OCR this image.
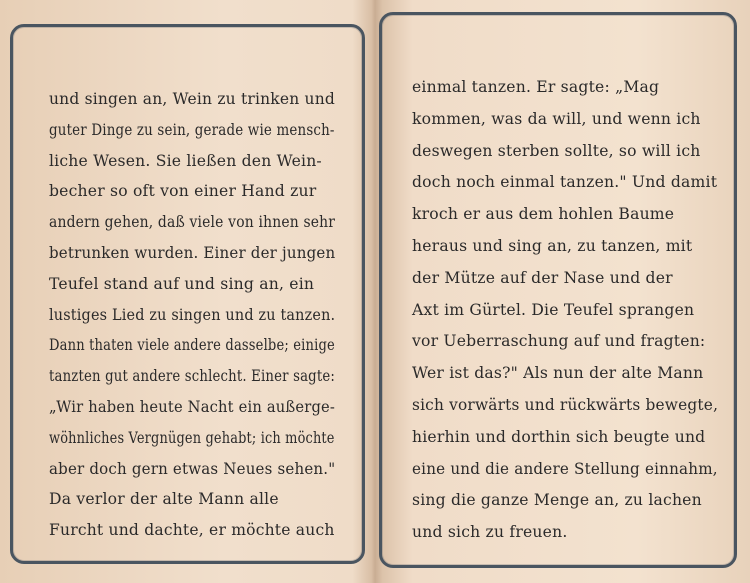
und singen an, Wein zu trinken und
guter Dinge zu sein, gerade wie mensch-
liche Wesen. Sie ließen den Wein-
becher so oft von einer Hand zur
andern gehen, daß viele von ihnen sehr
betrunken wurden. Einer der jungen
Teufel stand auf und sing an, ein
lustiges Lied zu singen und zu tanzen.
Dann thaten viele andere dasselbe; einige
tanzten gut andere schlecht. Einer sagte:
„Wir haben heute Nacht ein außerge-
wöhnliches Vergnügen gehabt; ich möchte
aber doch gern etwas Neues sehen."
Da verlor der alte Mann alle
Furcht und dachte, er möchte auch
einmal tanzen. Er sagte: „Mag
kommen, was da will, und wenn ich
deswegen sterben sollte, so will ich
doch noch einmal tanzen." Und damit
kroch er aus dem hohlen Baume
heraus und sing an, zu tanzen, mit
der Mütze auf der Nase und der
Axt im Gürtel. Die Teufel sprangen
vor Ueberraschung auf und fragten:
Wer ist das?" Als nun der alte Mann
sich vorwärts und rückwärts bewegte,
hierhin und dorthin sich beugte und
eine und die andere Stellung einnahm,
sing die ganze Menge an, zu lachen
und sich zu freuen.
